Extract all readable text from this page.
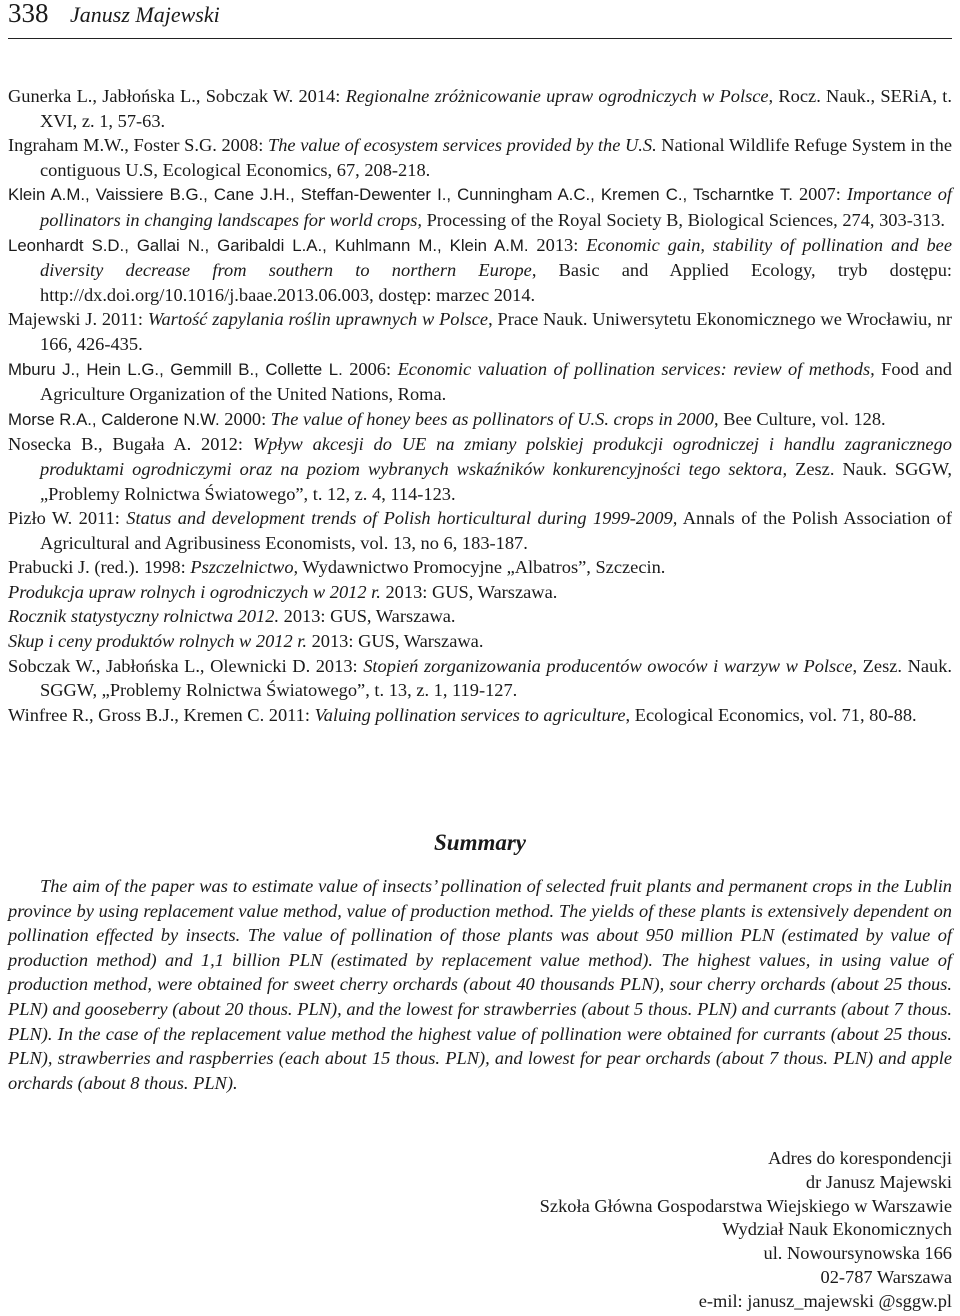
338 Janusz Majewski
Gunerka L., Jabłońska L., Sobczak W. 2014: Regionalne zróżnicowanie upraw ogrodniczych w Polsce, Rocz. Nauk., SERiA, t. XVI, z. 1, 57-63.
Ingraham M.W., Foster S.G. 2008: The value of ecosystem services provided by the U.S. National Wildlife Refuge System in the contiguous U.S, Ecological Economics, 67, 208-218.
Klein A.M., Vaissiere B.G., Cane J.H., Steffan-Dewenter I., Cunningham A.C., Kremen C., Tscharntke T. 2007: Importance of pollinators in changing landscapes for world crops, Processing of the Royal Society B, Biological Sciences, 274, 303-313.
Leonhardt S.D., Gallai N., Garibaldi L.A., Kuhlmann M., Klein A.M. 2013: Economic gain, stability of pollination and bee diversity decrease from southern to northern Europe, Basic and Applied Ecology, tryb dostępu: http://dx.doi.org/10.1016/j.baae.2013.06.003, dostęp: marzec 2014.
Majewski J. 2011: Wartość zapylania roślin uprawnych w Polsce, Prace Nauk. Uniwersytetu Ekonomicznego we Wrocławiu, nr 166, 426-435.
Mburu J., Hein L.G., Gemmill B., Collette L. 2006: Economic valuation of pollination services: review of methods, Food and Agriculture Organization of the United Nations, Roma.
Morse R.A., Calderone N.W. 2000: The value of honey bees as pollinators of U.S. crops in 2000, Bee Culture, vol. 128.
Nosecka B., Bugała A. 2012: Wpływ akcesji do UE na zmiany polskiej produkcji ogrodniczej i handlu zagranicznego produktami ogrodniczymi oraz na poziom wybranych wskaźników konkurencyjności tego sektora, Zesz. Nauk. SGGW, „Problemy Rolnictwa Światowego”, t. 12, z. 4, 114-123.
Pizło W. 2011: Status and development trends of Polish horticultural during 1999-2009, Annals of the Polish Association of Agricultural and Agribusiness Economists, vol. 13, no 6, 183-187.
Prabucki J. (red.). 1998: Pszczelnictwo, Wydawnictwo Promocyjne „Albatros”, Szczecin.
Produkcja upraw rolnych i ogrodniczych w 2012 r. 2013: GUS, Warszawa.
Rocznik statystyczny rolnictwa 2012. 2013: GUS, Warszawa.
Skup i ceny produktów rolnych w 2012 r. 2013: GUS, Warszawa.
Sobczak W., Jabłońska L., Olewnicki D. 2013: Stopień zorganizowania producentów owoców i warzyw w Polsce, Zesz. Nauk. SGGW, „Problemy Rolnictwa Światowego”, t. 13, z. 1, 119-127.
Winfree R., Gross B.J., Kremen C. 2011: Valuing pollination services to agriculture, Ecological Economics, vol. 71, 80-88.
Summary
The aim of the paper was to estimate value of insects’ pollination of selected fruit plants and permanent crops in the Lublin province by using replacement value method, value of production method. The yields of these plants is extensively dependent on pollination effected by insects. The value of pollination of those plants was about 950 million PLN (estimated by value of production method) and 1,1 billion PLN (estimated by replacement value method). The highest values, in using value of production method, were obtained for sweet cherry orchards (about 40 thousands PLN), sour cherry orchards (about 25 thous. PLN) and gooseberry (about 20 thous. PLN), and the lowest for strawberries (about 5 thous. PLN) and currants (about 7 thous. PLN). In the case of the replacement value method the highest value of pollination were obtained for currants (about 25 thous. PLN), strawberries and raspberries (each about 15 thous. PLN), and lowest for pear orchards (about 7 thous. PLN) and apple orchards (about 8 thous. PLN).
Adres do korespondencji
dr Janusz Majewski
Szkoła Główna Gospodarstwa Wiejskiego w Warszawie
Wydział Nauk Ekonomicznych
ul. Nowoursynowska 166
02-787 Warszawa
e-mil: janusz_majewski @sggw.pl
